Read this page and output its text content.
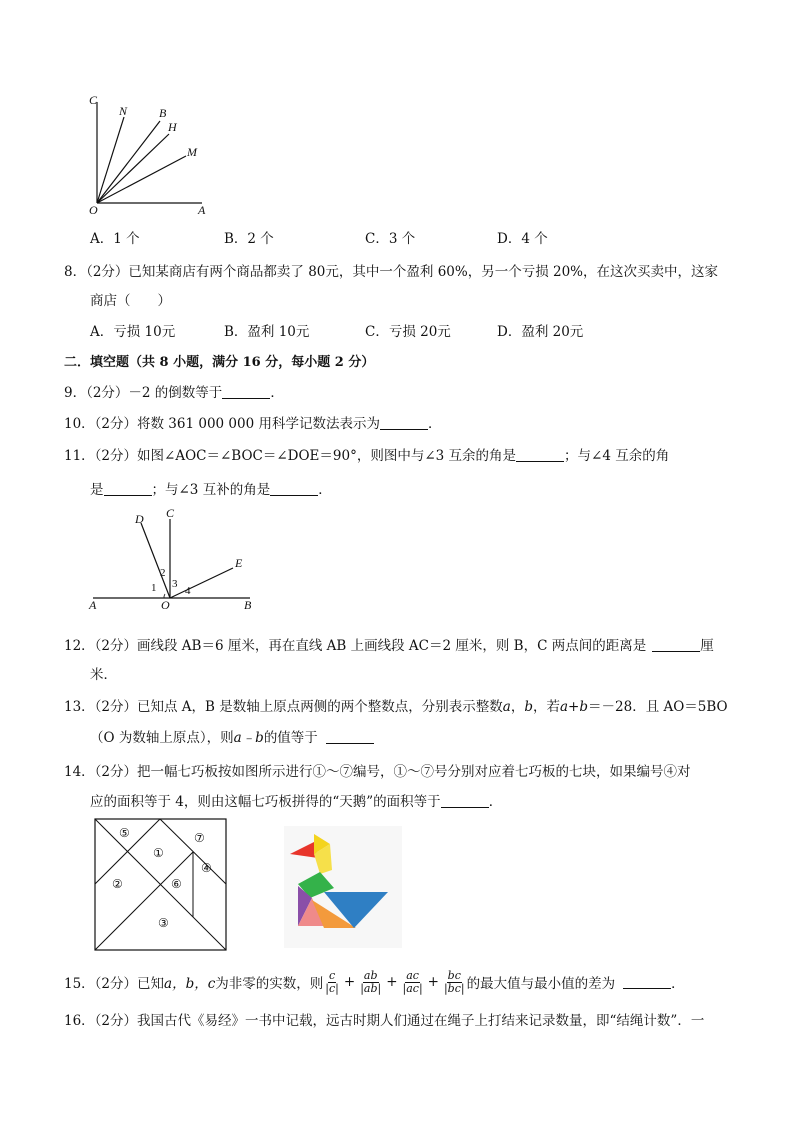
C
N	B
H
M
O	A
A．1 个	B．2 个	C．3 个	D．4 个
8．（2分）已知某商店有两个商品都卖了 80元，其中一个盈利 60%，另一个亏损 20%，在这次买卖中，这家
商店（　　）
A．亏损 10元	B．盈利 10元	C．亏损 20元	D．盈利 20元
二．填空题（共 8 小题，满分 16 分，每小题 2 分）
9．（2分）－2 的倒数等于	．
10．（2分）将数 361 000 000 用科学记数法表示为	．
11．（2分）如图∠AOC＝∠BOC＝∠DOE＝90°，则图中与∠3 互余的角是	；与∠4 互余的角
是	；与∠3 互补的角是	．
D C
E
A	O	B
1
2
3
4
12．（2分）画线段 AB＝6 厘米，再在直线 AB 上画线段 AC＝2 厘米，则 B，C 两点间的距离是	厘
米．
13．（2分）已知点 A，B 是数轴上原点两侧的两个整数点，分别表示整数a，b，若a+b＝－28．且 AO＝5BO
（O 为数轴上原点），则a﹣b的值等于
14．（2分）把一幅七巧板按如图所示进行①～⑦编号，①～⑦号分别对应着七巧板的七块，如果编号④对
应的面积等于 4，则由这幅七巧板拼得的“天鹅”的面积等于	．
⑤
①
⑦
②	⑥
④
③
15．（2分）已知 a，b，c 为非零的实数，则 $\frac{c}{|c|} + \frac{ab}{|ab|} + \frac{ac}{|ac|} + \frac{bc}{|bc|}$ 的最大值与最小值的差为	．
16．（2分）我国古代《易经》一书中记载，远古时期人们通过在绳子上打结来记录数量，即“结绳计数”．一
